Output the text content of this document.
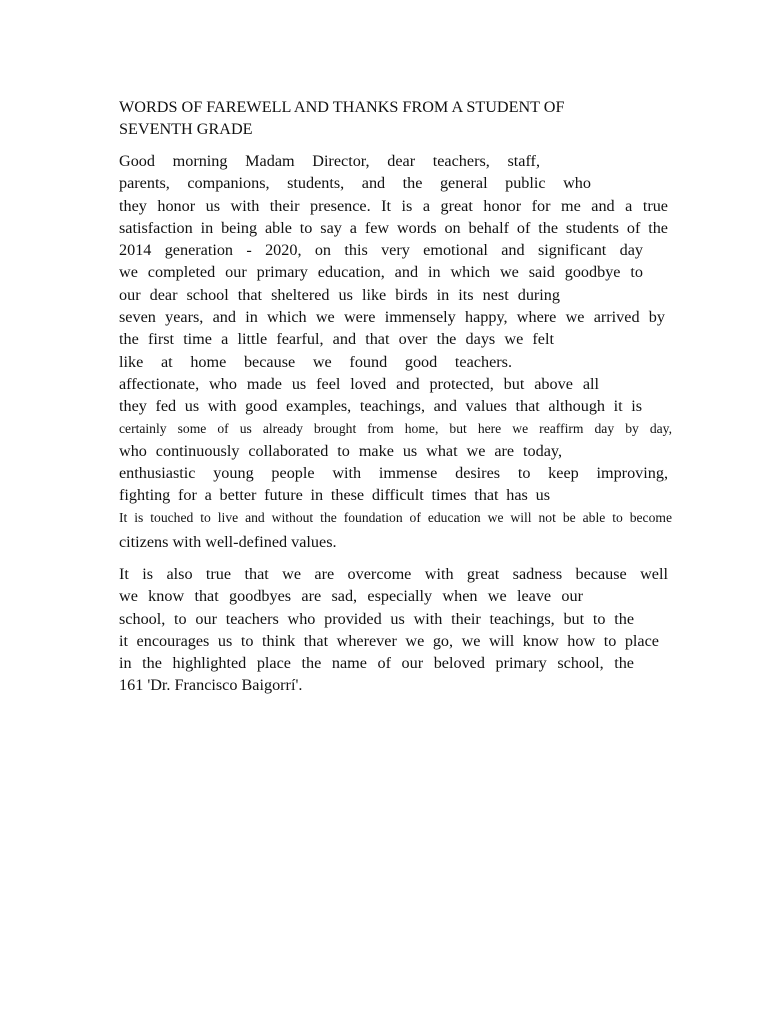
WORDS OF FAREWELL AND THANKS FROM A STUDENT OF
SEVENTH GRADE
Good morning Madam Director, dear teachers, staff,
parents, companions, students, and the general public who
they honor us with their presence. It is a great honor for me and a true
satisfaction in being able to say a few words on behalf of the students of the
2014 generation - 2020, on this very emotional and significant day
we completed our primary education, and in which we said goodbye to
our dear school that sheltered us like birds in its nest during
seven years, and in which we were immensely happy, where we arrived by
the first time a little fearful, and that over the days we felt
like at home because we found good teachers.
affectionate, who made us feel loved and protected, but above all
they fed us with good examples, teachings, and values that although it is
certainly some of us already brought from home, but here we reaffirm day by day,
who continuously collaborated to make us what we are today,
enthusiastic young people with immense desires to keep improving,
fighting for a better future in these difficult times that has us
It is touched to live and without the foundation of education we will not be able to become
citizens with well-defined values.
It is also true that we are overcome with great sadness because well
we know that goodbyes are sad, especially when we leave our
school, to our teachers who provided us with their teachings, but to the
it encourages us to think that wherever we go, we will know how to place
in the highlighted place the name of our beloved primary school, the
161 'Dr. Francisco Baigorrí'.
